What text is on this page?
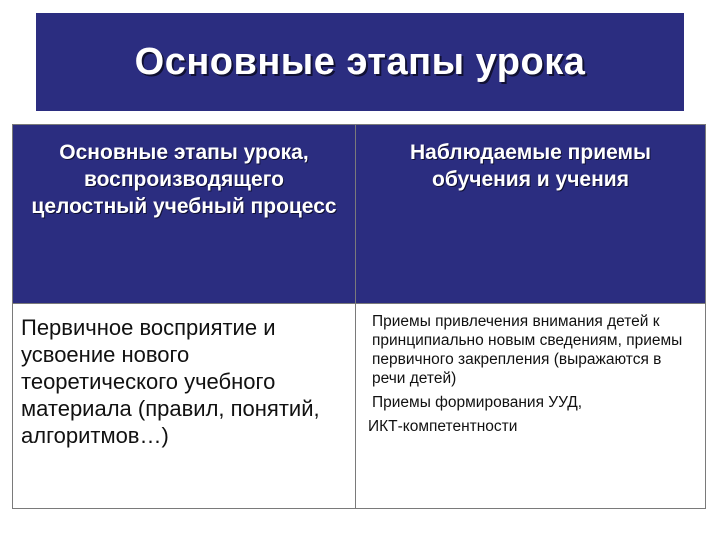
Основные этапы урока
Основные этапы урока, воспроизводящего целостный учебный процесс
Наблюдаемые приемы обучения и учения
Первичное восприятие и усвоение нового теоретического учебного материала (правил, понятий, алгоритмов…)

Приемы привлечения внимания детей к принципиально новым сведениям, приемы первичного закрепления (выражаются в речи детей)

Приемы формирования УУД,

ИКТ-компетентности
